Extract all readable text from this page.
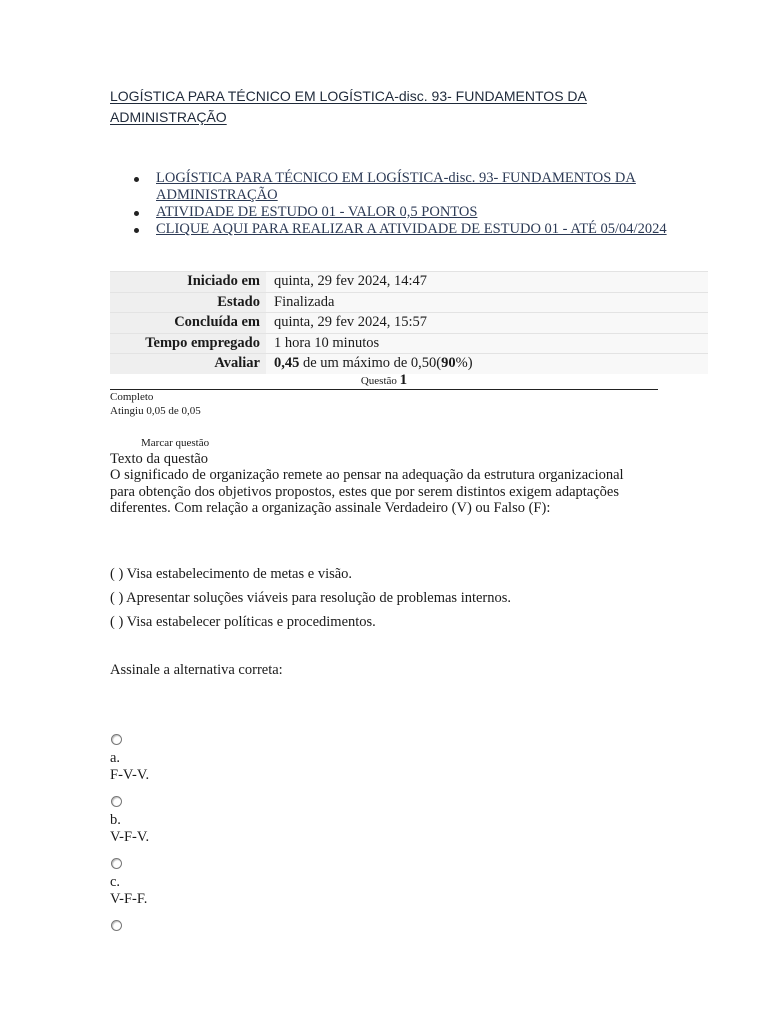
LOGÍSTICA PARA TÉCNICO EM LOGÍSTICA-disc. 93- FUNDAMENTOS DA ADMINISTRAÇÃO
LOGÍSTICA PARA TÉCNICO EM LOGÍSTICA-disc. 93- FUNDAMENTOS DA ADMINISTRAÇÃO
ATIVIDADE DE ESTUDO 01 - VALOR 0,5 PONTOS
CLIQUE AQUI PARA REALIZAR A ATIVIDADE DE ESTUDO 01 - ATÉ 05/04/2024
Iniciado em	quinta, 29 fev 2024, 14:47
Estado	Finalizada
Concluída em	quinta, 29 fev 2024, 15:57
Tempo empregado	1 hora 10 minutos
Avaliar	0,45 de um máximo de 0,50(90%)
Questão 1
Completo
Atingiu 0,05 de 0,05
Marcar questão
Texto da questão
O significado de organização remete ao pensar na adequação da estrutura organizacional para obtenção dos objetivos propostos, estes que por serem distintos exigem adaptações diferentes. Com relação a organização assinale Verdadeiro (V) ou Falso (F):
( ) Visa estabelecimento de metas e visão.
( ) Apresentar soluções viáveis para resolução de problemas internos.
( ) Visa estabelecer políticas e procedimentos.
Assinale a alternativa correta:
a.
F-V-V.
b.
V-F-V.
c.
V-F-F.
